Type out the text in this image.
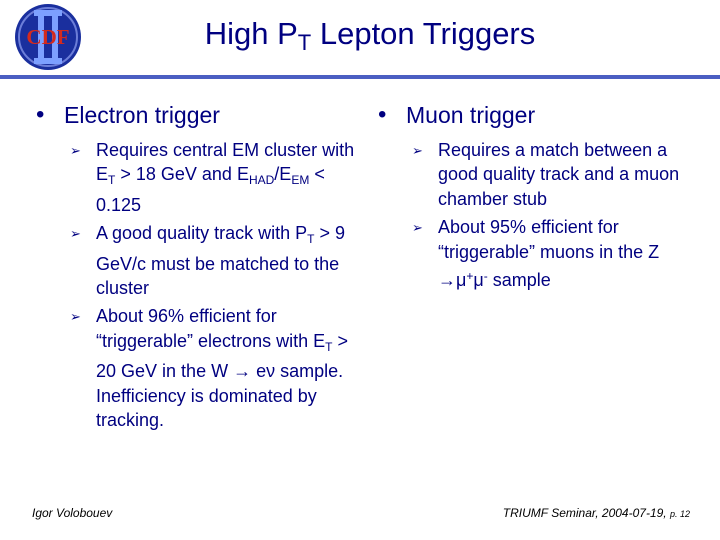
CDF	High $P_T$ Lepton Triggers
• Electron trigger
➢ Requires central EM cluster with $E_T > 18$ GeV and $E_{HAD}/E_{EM} < 0.125$
➢ A good quality track with $P_T > 9$ GeV/c must be matched to the cluster
➢ About 96% efficient for “triggerable” electrons with $E_T > 20$ GeV in the W → eν sample. Inefficiency is dominated by tracking.
• Muon trigger
➢ Requires a match between a good quality track and a muon chamber stub
➢ About 95% efficient for “triggerable” muons in the Z →μ+μ- sample
Igor Volobouev	TRIUMF Seminar, 2004-07-19, p. 12
